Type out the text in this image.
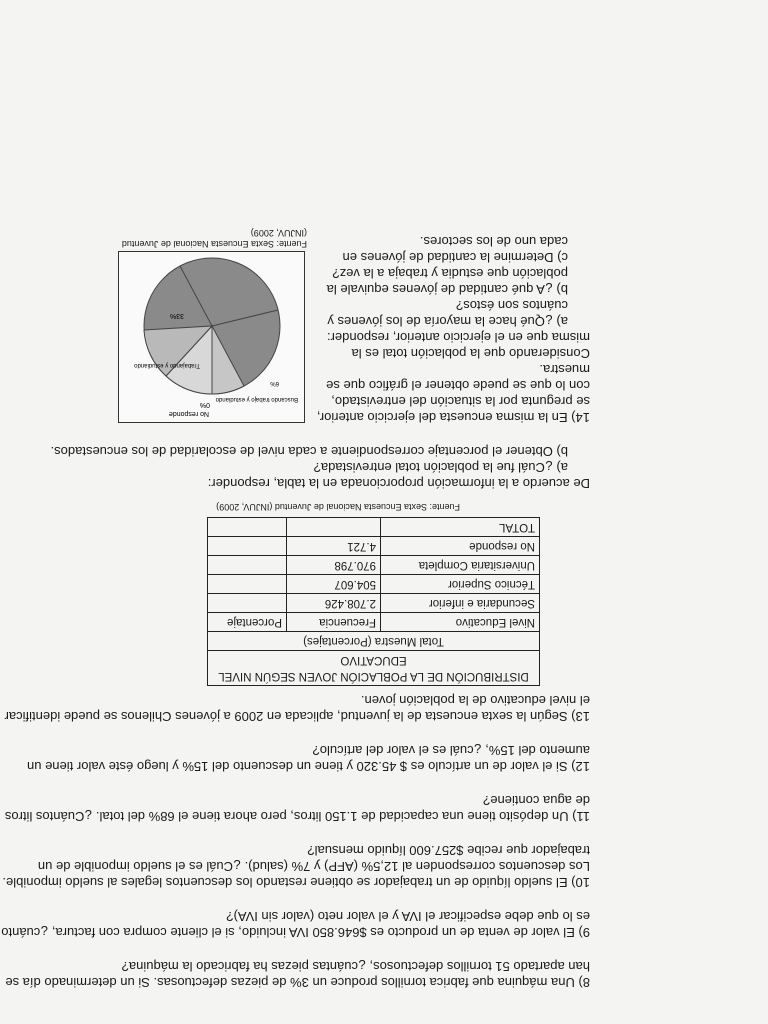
8) Una máquina que fabrica tornillos produce un 3% de piezas defectuosas. Si un determinado día se han apartado 51 tornillos defectuosos, ¿cuántas piezas ha fabricado la máquina?

9) El valor de venta de un producto es $646.850 IVA incluido, si el cliente compra con factura, ¿cuánto es lo que debe especificar el IVA y el valor neto (valor sin IVA)?

10) El sueldo líquido de un trabajador se obtiene restando los descuentos legales al sueldo imponible. Los descuentos corresponden al 12,5% (AFP) y 7% (salud). ¿Cuál es el sueldo imponible de un trabajador que recibe $257.600 líquido mensual?

11) Un depósito tiene una capacidad de 1.150 litros, pero ahora tiene el 68% del total. ¿Cuántos litros de agua contiene?

12) Si el valor de un artículo es $ 45.320 y tiene un descuento del 15% y luego éste valor tiene un aumento del 15%, ¿cuál es el valor del artículo?

13) Según la sexta encuesta de la juventud, aplicada en 2009 a jóvenes Chilenos se puede identificar el nivel educativo de la población joven.

DISTRIBUCIÓN DE LA POBLACIÓN JOVEN SEGÚN NIVEL EDUCATIVO		
Total Muestra (Porcentajes)		
Nivel Educativo	Frecuencia	Porcentaje
Secundaria e inferior	2.708.426	
Técnico Superior	504.607	
Universitaria Completa	970.798	
No responde	4.721	
TOTAL		
Fuente: Sexta Encuesta Nacional de Juventud (INJUV, 2009)

De acuerdo a la información proporcionada en la tabla, responder:

a) ¿Cuál fue la población total entrevistada?
b) Obtener el porcentaje correspondiente a cada nivel de escolaridad de los encuestados.

14) En la misma encuesta del ejercicio anterior, se pregunta por la situación del entrevistado, con lo que se puede obtener el gráfico que se muestra.

Considerando que la población total es la misma que en el ejercicio anterior, responder:

a) ¿Qué hace la mayoría de los jóvenes y cuántos son éstos?
b) ¿A qué cantidad de jóvenes equivale la población que estudia y trabaja a la vez?
c) Determine la cantidad de jóvenes en cada uno de los sectores.
No responde
0%
Buscando trabajo y estudiando
6%
Trabajando y estudiando
33%
Fuente: Sexta Encuesta Nacional de Juventud (INJUV, 2009)
